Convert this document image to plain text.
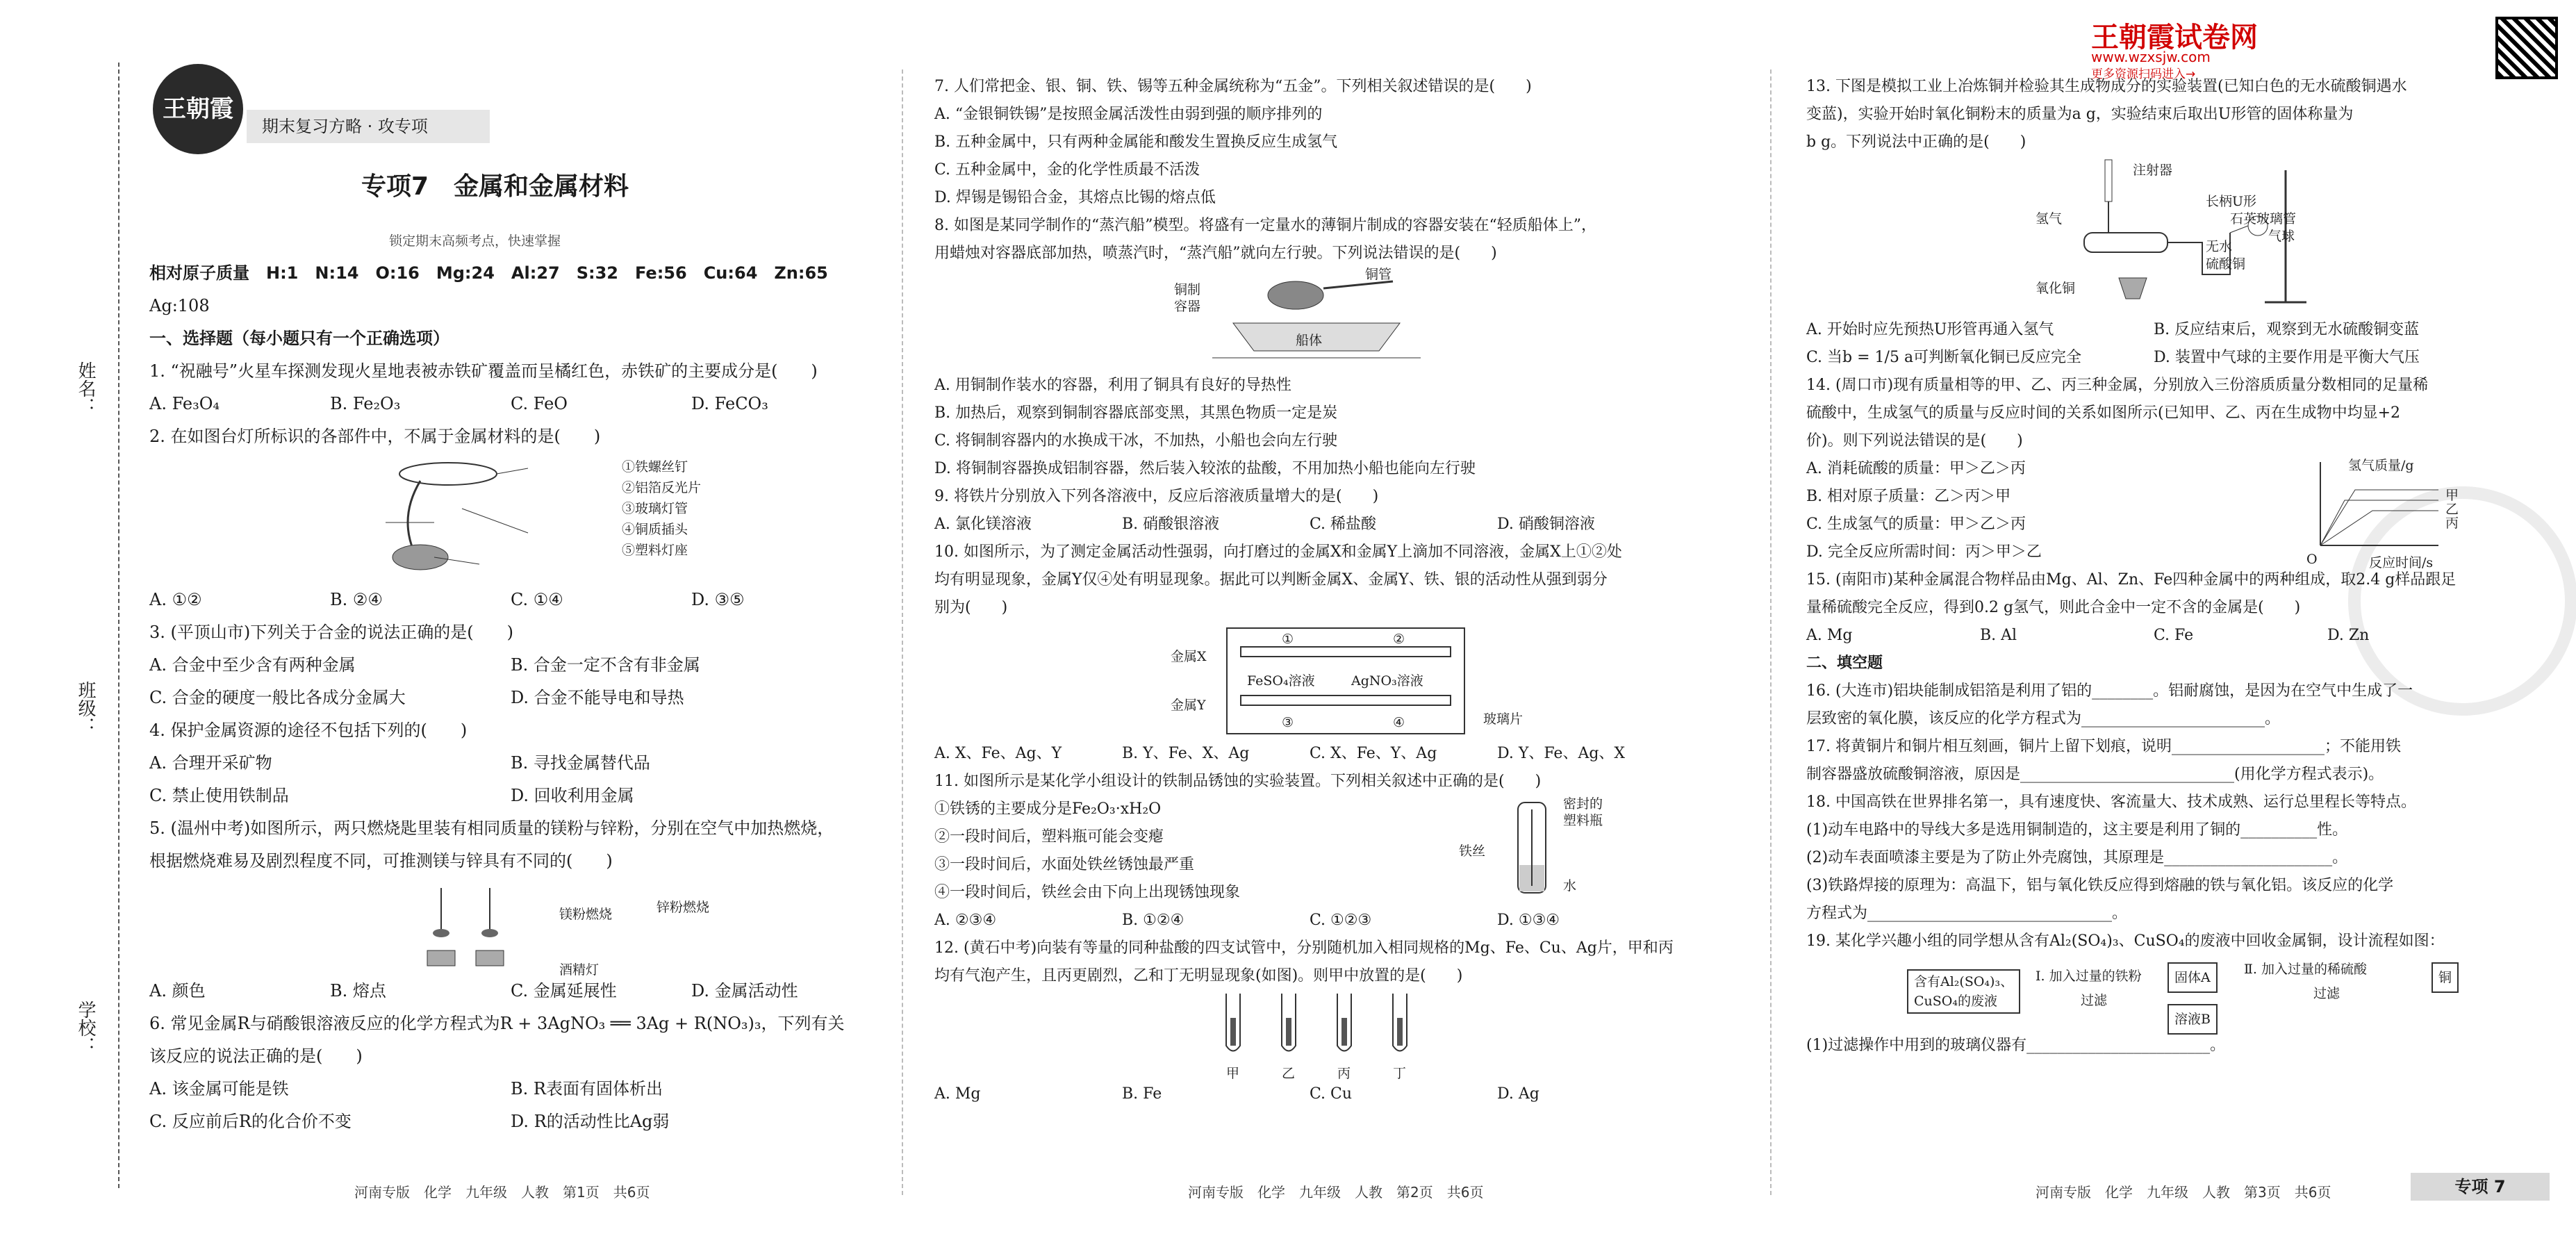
王朝霞试卷网
www.wzxsjw.com
更多资源扫码进入→
姓名：
班级：
学校：
王朝霞
期末复习方略 · 攻专项
专项7　金属和金属材料
锁定期末高频考点，快速掌握
相对原子质量　H:1　N:14　O:16　Mg:24　Al:27　S:32　Fe:56　Cu:64　Zn:65
Ag:108
一、选择题（每小题只有一个正确选项）
1. “祝融号”火星车探测发现火星地表被赤铁矿覆盖而呈橘红色，赤铁矿的主要成分是(　　)
A. Fe₃O₄	B. Fe₂O₃	C. FeO	D. FeCO₃
2. 在如图台灯所标识的各部件中，不属于金属材料的是(　　)
①铁螺丝钉
②铝箔反光片
③玻璃灯管
④铜质插头
⑤塑料灯座
A. ①②	B. ②④	C. ①④	D. ③⑤
3. (平顶山市)下列关于合金的说法正确的是(　　)
A. 合金中至少含有两种金属	B. 合金一定不含有非金属
C. 合金的硬度一般比各成分金属大	D. 合金不能导电和导热
4. 保护金属资源的途径不包括下列的(　　)
A. 合理开采矿物	B. 寻找金属替代品
C. 禁止使用铁制品	D. 回收利用金属
5. (温州中考)如图所示，两只燃烧匙里装有相同质量的镁粉与锌粉，分别在空气中加热燃烧，
根据燃烧难易及剧烈程度不同，可推测镁与锌具有不同的(　　)
镁粉燃烧	锌粉燃烧
酒精灯
A. 颜色	B. 熔点	C. 金属延展性	D. 金属活动性
6. 常见金属R与硝酸银溶液反应的化学方程式为R + 3AgNO₃ ══ 3Ag + R(NO₃)₃，下列有关
该反应的说法正确的是(　　)
A. 该金属可能是铁	B. R表面有固体析出
C. 反应前后R的化合价不变	D. R的活动性比Ag弱
河南专版　化学　九年级　人教　第1页　共6页
7. 人们常把金、银、铜、铁、锡等五种金属统称为“五金”。下列相关叙述错误的是(　　)
A. “金银铜铁锡”是按照金属活泼性由弱到强的顺序排列的
B. 五种金属中，只有两种金属能和酸发生置换反应生成氢气
C. 五种金属中，金的化学性质最不活泼
D. 焊锡是锡铅合金，其熔点比锡的熔点低
8. 如图是某同学制作的“蒸汽船”模型。将盛有一定量水的薄铜片制成的容器安装在“轻质船体上”，
用蜡烛对容器底部加热，喷蒸汽时，“蒸汽船”就向左行驶。下列说法错误的是(　　)
铜制
容器
铜管
船体
A. 用铜制作装水的容器，利用了铜具有良好的导热性
B. 加热后，观察到铜制容器底部变黑，其黑色物质一定是炭
C. 将铜制容器内的水换成干冰，不加热，小船也会向左行驶
D. 将铜制容器换成铝制容器，然后装入较浓的盐酸，不用加热小船也能向左行驶
9. 将铁片分别放入下列各溶液中，反应后溶液质量增大的是(　　)
A. 氯化镁溶液	B. 硝酸银溶液	C. 稀盐酸	D. 硝酸铜溶液
10. 如图所示，为了测定金属活动性强弱，向打磨过的金属X和金属Y上滴加不同溶液，金属X上①②处
均有明显现象，金属Y仅④处有明显现象。据此可以判断金属X、金属Y、铁、银的活动性从强到弱分
别为(　　)
金属X
金属Y
FeSO₄溶液	AgNO₃溶液
玻璃片
①	②
③	④
A. X、Fe、Ag、Y	B. Y、Fe、X、Ag	C. X、Fe、Y、Ag	D. Y、Fe、Ag、X
11. 如图所示是某化学小组设计的铁制品锈蚀的实验装置。下列相关叙述中正确的是(　　)
①铁锈的主要成分是Fe₂O₃·xH₂O
②一段时间后，塑料瓶可能会变瘪
③一段时间后，水面处铁丝锈蚀最严重
④一段时间后，铁丝会由下向上出现锈蚀现象
密封的
塑料瓶
铁丝
水
A. ②③④	B. ①②④	C. ①②③	D. ①③④
12. (黄石中考)向装有等量的同种盐酸的四支试管中，分别随机加入相同规格的Mg、Fe、Cu、Ag片，甲和丙
均有气泡产生，且丙更剧烈，乙和丁无明显现象(如图)。则甲中放置的是(　　)
甲	乙	丙	丁
A. Mg	B. Fe	C. Cu	D. Ag
河南专版　化学　九年级　人教　第2页　共6页
13. 下图是模拟工业上冶炼铜并检验其生成物成分的实验装置(已知白色的无水硫酸铜遇水
变蓝)，实验开始时氧化铜粉末的质量为a g，实验结束后取出U形管的固体称量为
b g。下列说法中正确的是(　　)
注射器
氢气
长柄U形
石英玻璃管
无水
硫酸铜
气球
氧化铜
A. 开始时应先预热U形管再通入氢气	B. 反应结束后，观察到无水硫酸铜变蓝
C. 当b = 1/5 a可判断氧化铜已反应完全	D. 装置中气球的主要作用是平衡大气压
14. (周口市)现有质量相等的甲、乙、丙三种金属，分别放入三份溶质质量分数相同的足量稀
硫酸中，生成氢气的质量与反应时间的关系如图所示(已知甲、乙、丙在生成物中均显+2
价)。则下列说法错误的是(　　)
A. 消耗硫酸的质量：甲＞乙＞丙
B. 相对原子质量：乙＞丙＞甲
C. 生成氢气的质量：甲＞乙＞丙
D. 完全反应所需时间：丙＞甲＞乙
氢气质量/g
甲
乙
丙
O	反应时间/s
15. (南阳市)某种金属混合物样品由Mg、Al、Zn、Fe四种金属中的两种组成，取2.4 g样品跟足
量稀硫酸完全反应，得到0.2 g氢气，则此合金中一定不含的金属是(　　)
A. Mg	B. Al	C. Fe	D. Zn
二、填空题
16. (大连市)铝块能制成铝箔是利用了铝的________。铝耐腐蚀，是因为在空气中生成了一
层致密的氧化膜，该反应的化学方程式为________________________。
17. 将黄铜片和铜片相互刻画，铜片上留下划痕，说明____________________；不能用铁
制容器盛放硫酸铜溶液，原因是____________________________(用化学方程式表示)。
18. 中国高铁在世界排名第一，具有速度快、客流量大、技术成熟、运行总里程长等特点。
(1)动车电路中的导线大多是选用铜制造的，这主要是利用了铜的__________性。
(2)动车表面喷漆主要是为了防止外壳腐蚀，其原理是______________________。
(3)铁路焊接的原理为：高温下，铝与氧化铁反应得到熔融的铁与氧化铝。该反应的化学
方程式为________________________________。
19. 某化学兴趣小组的同学想从含有Al₂(SO₄)₃、CuSO₄的废液中回收金属铜，设计流程如图：
含有Al₂(SO₄)₃、
CuSO₄的废液
Ⅰ. 加入过量的铁粉
过滤
固体A
溶液B
Ⅱ. 加入过量的稀硫酸
过滤
铜
(1)过滤操作中用到的玻璃仪器有________________________。
河南专版　化学　九年级　人教　第3页　共6页	专项 7
